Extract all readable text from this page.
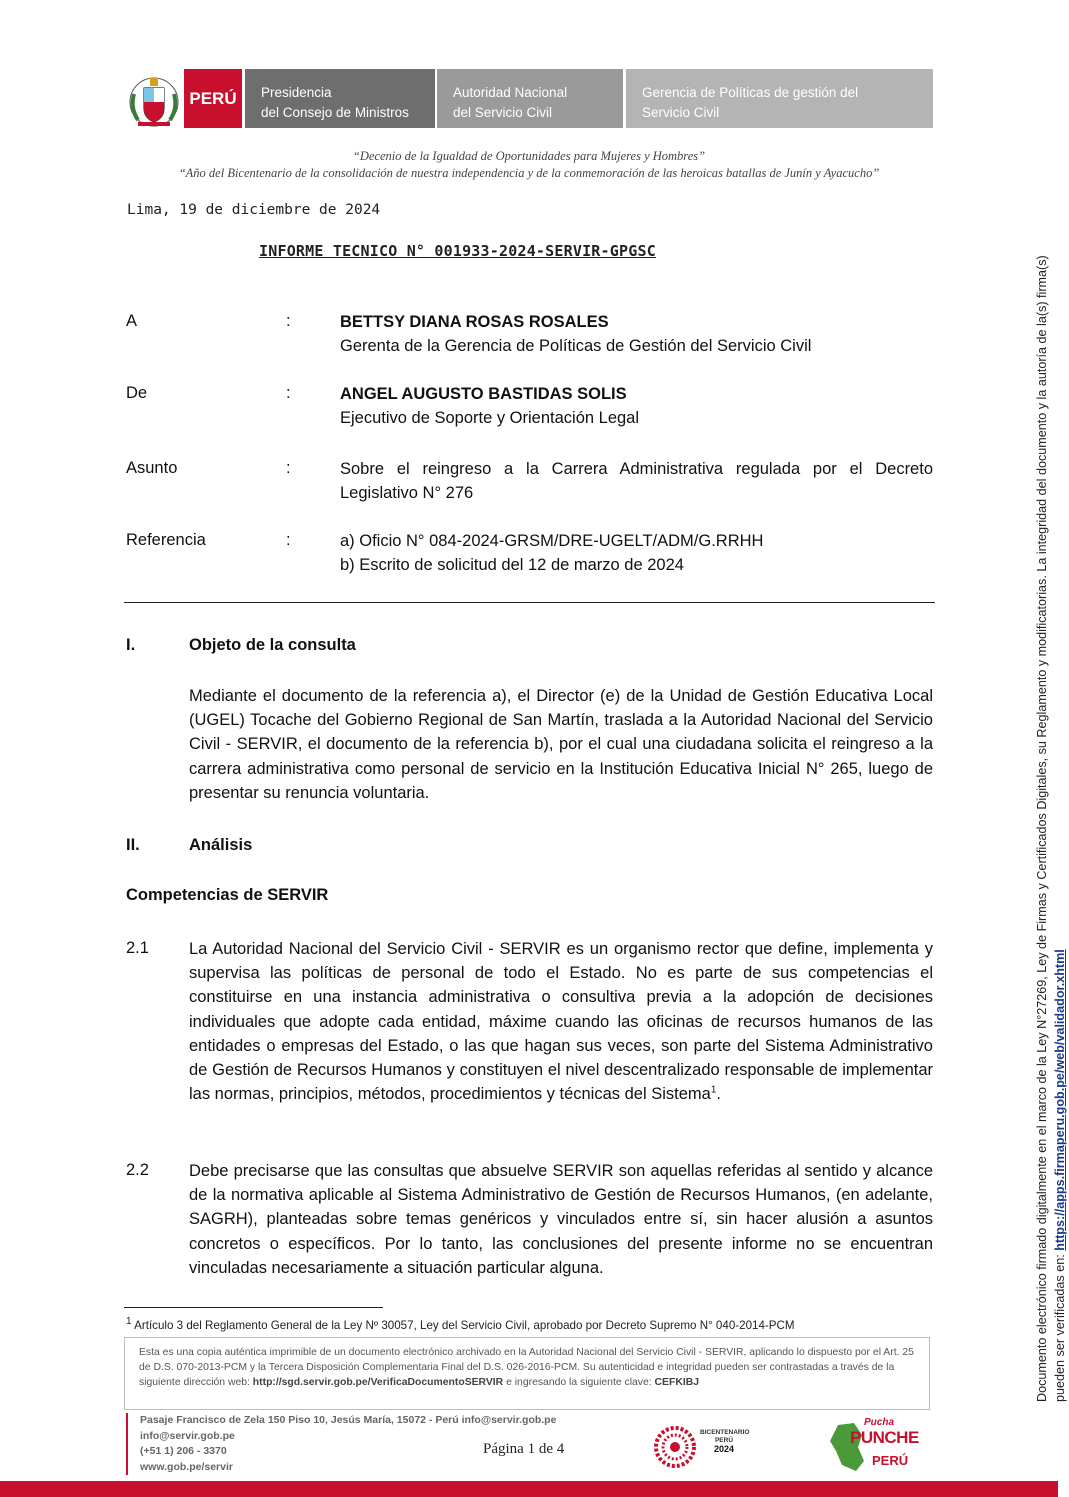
PERÚ Presidencia
del Consejo de Ministros
Autoridad Nacional
del Servicio Civil
Gerencia de Políticas de gestión del
Servicio Civil
“Decenio de la Igualdad de Oportunidades para Mujeres y Hombres”
“Año del Bicentenario de la consolidación de nuestra independencia y de la conmemoración de las heroicas batallas de Junín y Ayacucho”
Lima, 19 de diciembre de 2024
INFORME TECNICO N° 001933-2024-SERVIR-GPGSC
A	:	BETTSY DIANA ROSAS ROSALES
Gerenta de la Gerencia de Políticas de Gestión del Servicio Civil
De	:	ANGEL AUGUSTO BASTIDAS SOLIS
Ejecutivo de Soporte y Orientación Legal
Asunto	:	Sobre el reingreso a la Carrera Administrativa regulada por el Decreto Legislativo N° 276
Referencia	:	a) Oficio N° 084-2024-GRSM/DRE-UGELT/ADM/G.RRHH
b) Escrito de solicitud del 12 de marzo de 2024
I.	Objeto de la consulta
Mediante el documento de la referencia a), el Director (e) de la Unidad de Gestión Educativa Local (UGEL) Tocache del Gobierno Regional de San Martín, traslada a la Autoridad Nacional del Servicio Civil - SERVIR, el documento de la referencia b), por el cual una ciudadana solicita el reingreso a la carrera administrativa como personal de servicio en la Institución Educativa Inicial N° 265, luego de presentar su renuncia voluntaria.
II.	Análisis
Competencias de SERVIR
2.1 La Autoridad Nacional del Servicio Civil - SERVIR es un organismo rector que define, implementa y supervisa las políticas de personal de todo el Estado. No es parte de sus competencias el constituirse en una instancia administrativa o consultiva previa a la adopción de decisiones individuales que adopte cada entidad, máxime cuando las oficinas de recursos humanos de las entidades o empresas del Estado, o las que hagan sus veces, son parte del Sistema Administrativo de Gestión de Recursos Humanos y constituyen el nivel descentralizado responsable de implementar las normas, principios, métodos, procedimientos y técnicas del Sistema$^1$.
2.2 Debe precisarse que las consultas que absuelve SERVIR son aquellas referidas al sentido y alcance de la normativa aplicable al Sistema Administrativo de Gestión de Recursos Humanos, (en adelante, SAGRH), planteadas sobre temas genéricos y vinculados entre sí, sin hacer alusión a asuntos concretos o específicos. Por lo tanto, las conclusiones del presente informe no se encuentran vinculadas necesariamente a situación particular alguna.
$^1$ Artículo 3 del Reglamento General de la Ley Nº 30057, Ley del Servicio Civil, aprobado por Decreto Supremo N° 040-2014-PCM
Esta es una copia auténtica imprimible de un documento electrónico archivado en la Autoridad Nacional del Servicio Civil - SERVIR, aplicando lo dispuesto por el Art. 25 de D.S. 070-2013-PCM y la Tercera Disposición Complementaria Final del D.S. 026-2016-PCM. Su autenticidad e integridad pueden ser contrastadas a través de la siguiente dirección web: http://sgd.servir.gob.pe/VerificaDocumentoSERVIR e ingresando la siguiente clave: CEFKIBJ
Pasaje Francisco de Zela 150 Piso 10, Jesús María, 15072 - Perú info@servir.gob.pe
info@servir.gob.pe
(+51 1) 206 - 3370
www.gob.pe/servir
Página 1 de 4
BICENTENARIO
PERÚ
2024
Pucha
PUNCHE
PERÚ
Documento electrónico firmado digitalmente en el marco de la Ley N°27269, Ley de Firmas y Certificados Digitales, su Reglamento y modificatorias. La integridad del documento y la autoría de la(s) firma(s) pueden ser verificadas en: https://apps.firmaperu.gob.pe/web/validador.xhtml
